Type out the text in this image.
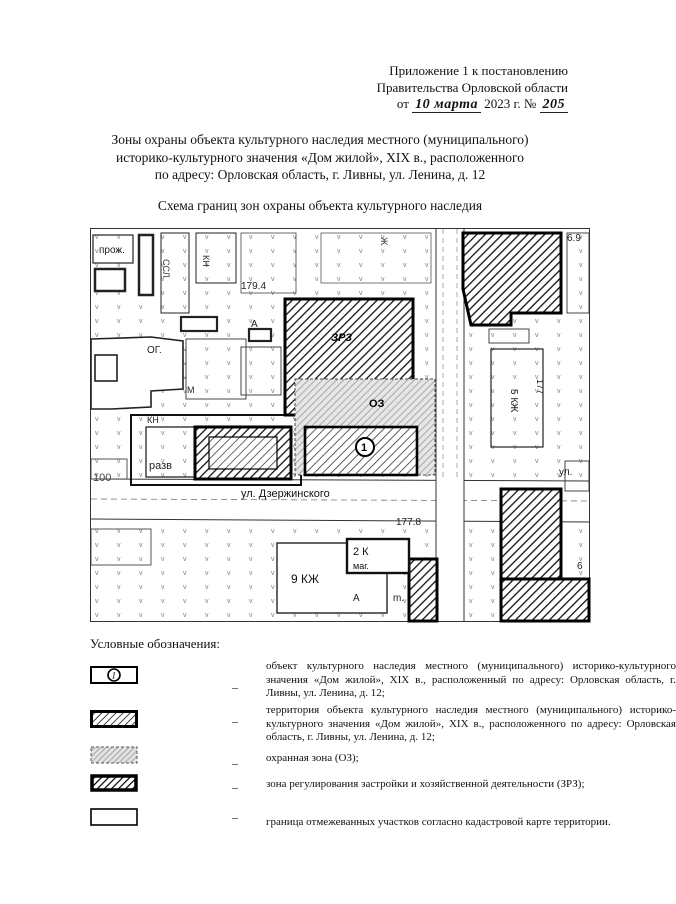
Приложение 1 к постановлению
Правительства Орловской области
от 10 марта 2023 г. № 205
Зоны охраны объекта культурного наследия местного (муниципального)
историко-культурного значения «Дом жилой», XIX в., расположенного
по адресу: Орловская область, г. Ливны, ул. Ленина, д. 12
Схема границ зон охраны объекта культурного наследия
прож.
ССЛ	КН
Ж
179.4
А
ЗРЗ
ОГ.
М
ОЗ
1
КН
разв
100
ул. Дзержинского
177.8
2 К
маг.
9 КЖ
А	m.
5 КЖ
ул.
6.9
177
6
Условные обозначения:
1
–
объект культурного наследия местного (муниципального) историко-культурного значения «Дом жилой», XIX в., расположенный по адресу: Орловская область, г. Ливны, ул. Ленина, д. 12;
–
территория объекта культурного наследия местного (муниципального) историко-культурного значения «Дом жилой», XIX в., расположенного по адресу: Орловская область, г. Ливны, ул. Ленина, д. 12;
–	охранная зона (ОЗ);
–	зона регулирования застройки и хозяйственной деятельности (ЗРЗ);
–	граница отмежеванных участков согласно кадастровой карте территории.
